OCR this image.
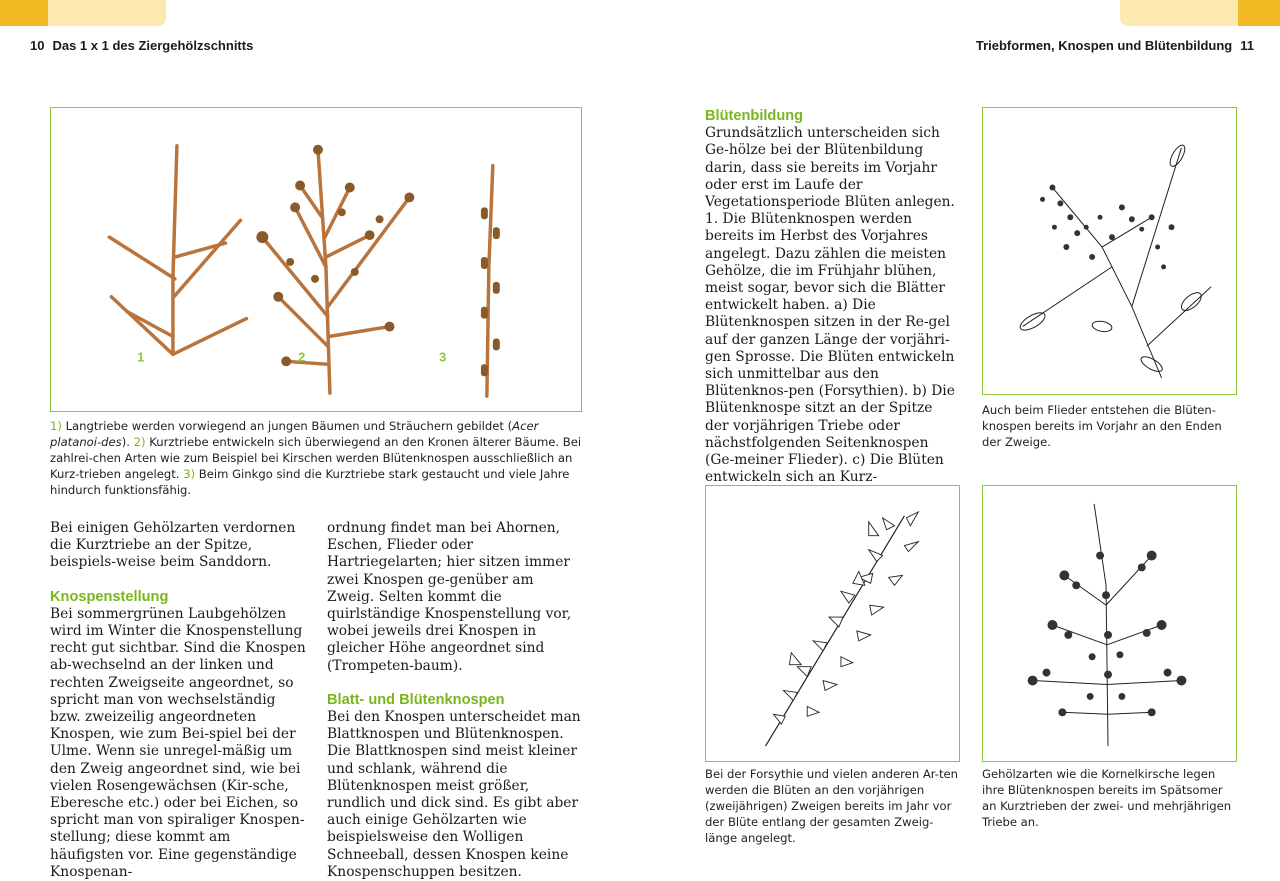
10 Das 1 x 1 des Ziergehölzschnitts	Triebformen, Knospen und Blütenbildung 11
1	2	3
1) Langtriebe werden vorwiegend an jungen Bäumen und Sträuchern gebildet (Acer platanoi-des). 2) Kurztriebe entwickeln sich überwiegend an den Kronen älterer Bäume. Bei zahlrei-chen Arten wie zum Beispiel bei Kirschen werden Blütenknospen ausschließlich an Kurz-trieben angelegt. 3) Beim Ginkgo sind die Kurztriebe stark gestaucht und viele Jahre hindurch funktionsfähig.

Bei einigen Gehölzarten verdornen die Kurztriebe an der Spitze, beispiels-weise beim Sanddorn.

Knospenstellung

Bei sommergrünen Laubgehölzen wird im Winter die Knospenstellung recht gut sichtbar. Sind die Knospen ab-wechselnd an der linken und rechten Zweigseite angeordnet, so spricht man von wechselständig bzw. zweizeilig angeordneten Knospen, wie zum Bei-spiel bei der Ulme. Wenn sie unregel-mäßig um den Zweig angeordnet sind, wie bei vielen Rosengewächsen (Kir-sche, Eberesche etc.) oder bei Eichen, so spricht man von spiraliger Knospen-stellung; diese kommt am häufigsten vor. Eine gegenständige Knospenan-

ordnung findet man bei Ahornen, Eschen, Flieder oder Hartriegelarten; hier sitzen immer zwei Knospen ge-genüber am Zweig. Selten kommt die quirlständige Knospenstellung vor, wobei jeweils drei Knospen in gleicher Höhe angeordnet sind (Trompeten-baum).

Blatt- und Blütenknospen

Bei den Knospen unterscheidet man Blattknospen und Blütenknospen. Die Blattknospen sind meist kleiner und schlank, während die Blütenknospen meist größer, rundlich und dick sind. Es gibt aber auch einige Gehölzarten wie beispielsweise den Wolligen Schneeball, dessen Knospen keine Knospenschuppen besitzen.

Blütenbildung

Grundsätzlich unterscheiden sich Ge-hölze bei der Blütenbildung darin, dass sie bereits im Vorjahr oder erst im Laufe der Vegetationsperiode Blüten anlegen. 1. Die Blütenknospen werden bereits im Herbst des Vorjahres angelegt. Dazu zählen die meisten Gehölze, die im Frühjahr blühen, meist sogar, bevor sich die Blätter entwickelt haben. a) Die Blütenknospen sitzen in der Re-gel auf der ganzen Länge der vorjähri-gen Sprosse. Die Blüten entwickeln sich unmittelbar aus den Blütenknos-pen (Forsythien). b) Die Blütenknospe sitzt an der Spitze der vorjährigen Triebe oder nächstfolgenden Seitenknospen (Ge-meiner Flieder). c) Die Blüten entwickeln sich an Kurz-

Auch beim Flieder entstehen die Blüten-knospen bereits im Vorjahr an den Enden der Zweige.
Bei der Forsythie und vielen anderen Ar-ten werden die Blüten an den vorjährigen (zweijährigen) Zweigen bereits im Jahr vor der Blüte entlang der gesamten Zweig-länge angelegt.
Gehölzarten wie die Kornelkirsche legen ihre Blütenknospen bereits im Spätsomer an Kurztrieben der zwei- und mehrjährigen Triebe an.
